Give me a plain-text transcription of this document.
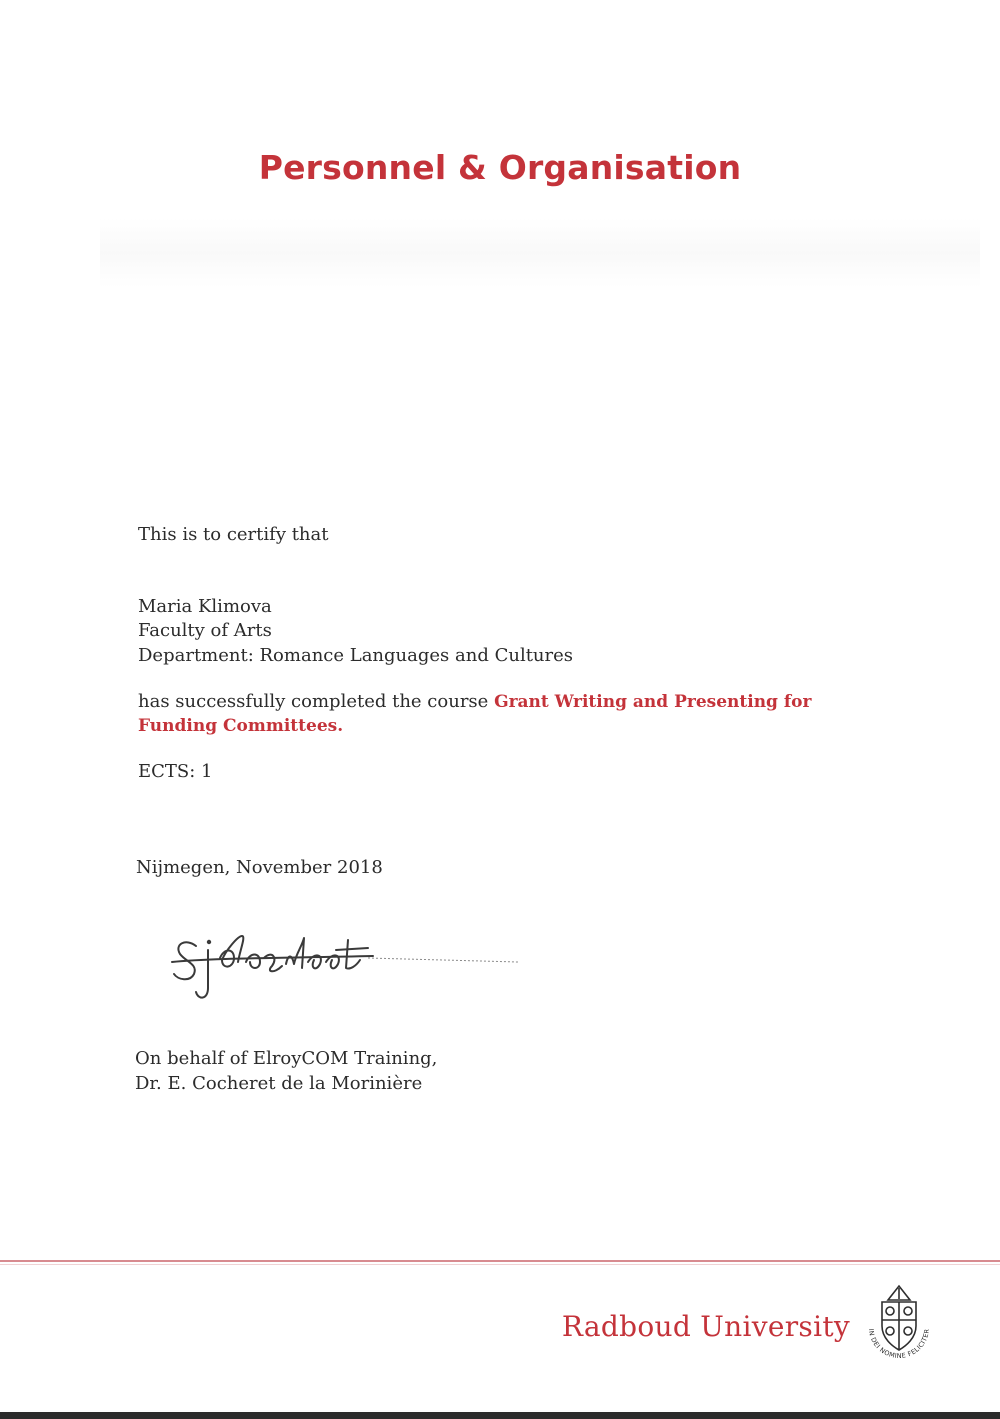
Personnel & Organisation
This is to certify that
Maria Klimova
Faculty of Arts
Department: Romance Languages and Cultures
has successfully completed the course Grant Writing and Presenting for Funding Committees.
ECTS: 1
Nijmegen, November 2018
On behalf of ElroyCOM Training,
Dr. E. Cocheret de la Morinière
Radboud University	IN DEI NOMINE FELICITER
